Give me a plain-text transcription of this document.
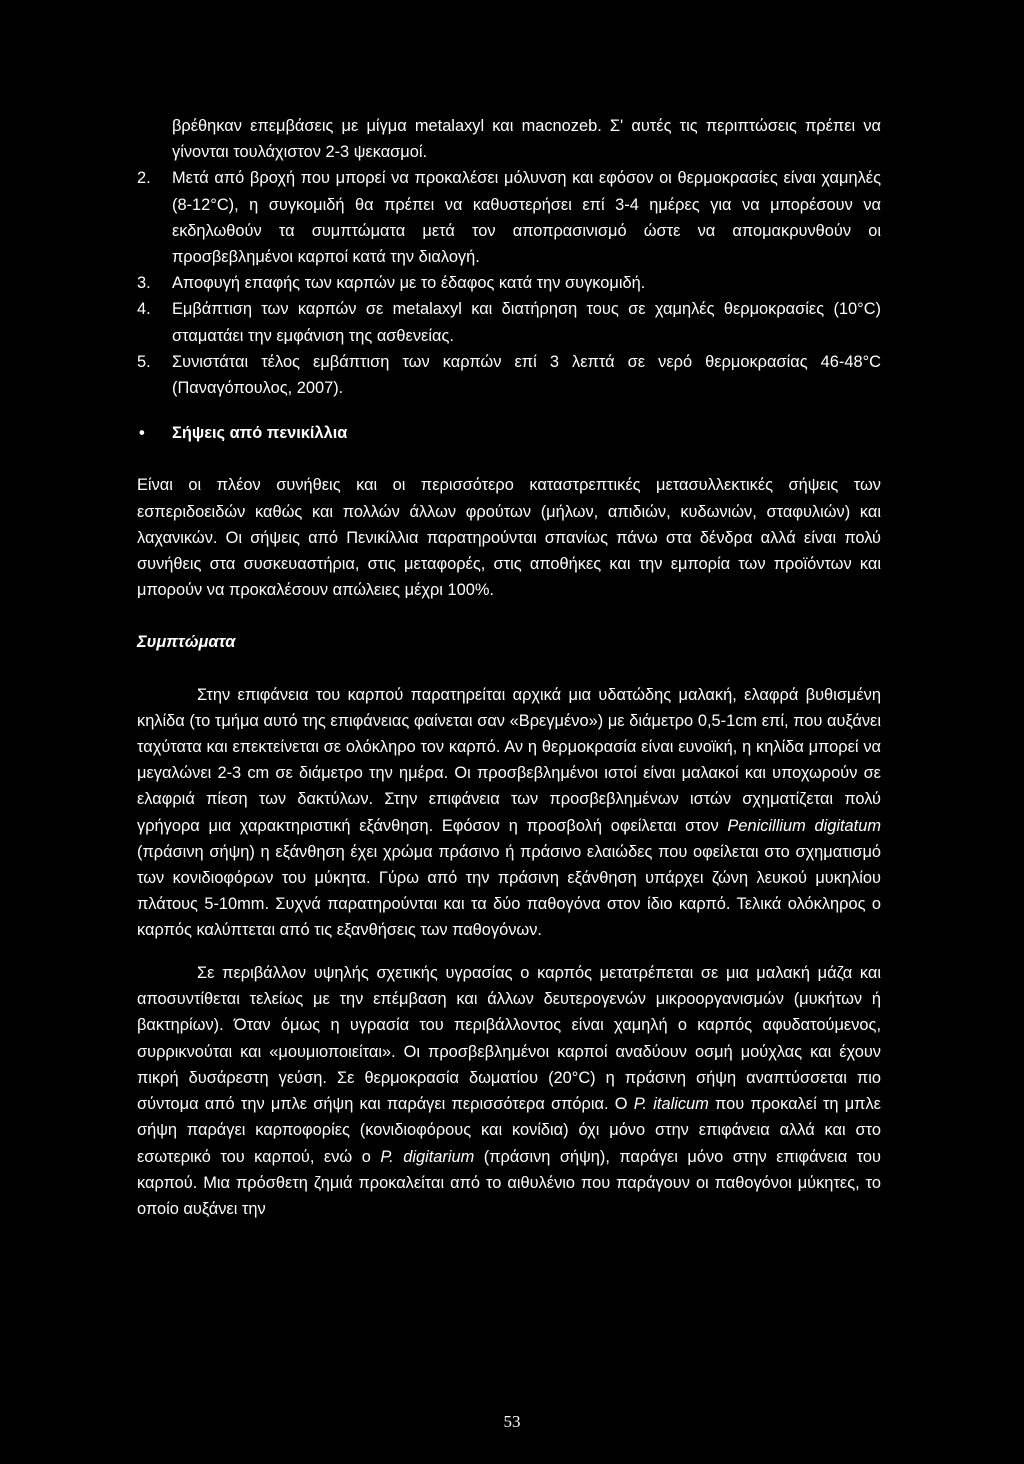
βρέθηκαν επεμβάσεις με μίγμα metalaxyl και macnozeb. Σ' αυτές τις περιπτώσεις πρέπει να γίνονται τουλάχιστον 2-3 ψεκασμοί.

2. Μετά από βροχή που μπορεί να προκαλέσει μόλυνση και εφόσον οι θερμοκρασίες είναι χαμηλές (8-12°C), η συγκομιδή θα πρέπει να καθυστερήσει επί 3-4 ημέρες για να μπορέσουν να εκδηλωθούν τα συμπτώματα μετά τον αποπρασινισμό ώστε να απομακρυνθούν οι προσβεβλημένοι καρποί κατά την διαλογή.
3. Αποφυγή επαφής των καρπών με το έδαφος κατά την συγκομιδή.
4. Εμβάπτιση των καρπών σε metalaxyl και διατήρηση τους σε χαμηλές θερμοκρασίες (10°C) σταματάει την εμφάνιση της ασθενείας.
5. Συνιστάται τέλος εμβάπτιση των καρπών επί 3 λεπτά σε νερό θερμοκρασίας 46-48°C (Παναγόπουλος, 2007).
• Σήψεις από πενικίλλια

Είναι οι πλέον συνήθεις και οι περισσότερο καταστρεπτικές μετασυλλεκτικές σήψεις των εσπεριδοειδών καθώς και πολλών άλλων φρούτων (μήλων, απιδιών, κυδωνιών, σταφυλιών) και λαχανικών. Οι σήψεις από Πενικίλλια παρατηρούνται σπανίως πάνω στα δένδρα αλλά είναι πολύ συνήθεις στα συσκευαστήρια, στις μεταφορές, στις αποθήκες και την εμπορία των προϊόντων και μπορούν να προκαλέσουν απώλειες μέχρι 100%.

Συμπτώματα

Στην επιφάνεια του καρπού παρατηρείται αρχικά μια υδατώδης μαλακή, ελαφρά βυθισμένη κηλίδα (το τμήμα αυτό της επιφάνειας φαίνεται σαν «Βρεγμένο») με διάμετρο 0,5-1cm επί, που αυξάνει ταχύτατα και επεκτείνεται σε ολόκληρο τον καρπό. Αν η θερμοκρασία είναι ευνοϊκή, η κηλίδα μπορεί να μεγαλώνει 2-3 cm σε διάμετρο την ημέρα. Οι προσβεβλημένοι ιστοί είναι μαλακοί και υποχωρούν σε ελαφριά πίεση των δακτύλων. Στην επιφάνεια των προσβεβλημένων ιστών σχηματίζεται πολύ γρήγορα μια χαρακτηριστική εξάνθηση. Εφόσον η προσβολή οφείλεται στον Penicillium digitatum (πράσινη σήψη) η εξάνθηση έχει χρώμα πράσινο ή πράσινο ελαιώδες που οφείλεται στο σχηματισμό των κονιδιοφόρων του μύκητα. Γύρω από την πράσινη εξάνθηση υπάρχει ζώνη λευκού μυκηλίου πλάτους 5-10mm. Συχνά παρατηρούνται και τα δύο παθογόνα στον ίδιο καρπό. Τελικά ολόκληρος ο καρπός καλύπτεται από τις εξανθήσεις των παθογόνων.

Σε περιβάλλον υψηλής σχετικής υγρασίας ο καρπός μετατρέπεται σε μια μαλακή μάζα και αποσυντίθεται τελείως με την επέμβαση και άλλων δευτερογενών μικροοργανισμών (μυκήτων ή βακτηρίων). Όταν όμως η υγρασία του περιβάλλοντος είναι χαμηλή ο καρπός αφυδατούμενος, συρρικνούται και «μουμιοποιείται». Οι προσβεβλημένοι καρποί αναδύουν οσμή μούχλας και έχουν πικρή δυσάρεστη γεύση. Σε θερμοκρασία δωματίου (20°C) η πράσινη σήψη αναπτύσσεται πιο σύντομα από την μπλε σήψη και παράγει περισσότερα σπόρια. Ο P. italicum που προκαλεί τη μπλε σήψη παράγει καρποφορίες (κονιδιοφόρους και κονίδια) όχι μόνο στην επιφάνεια αλλά και στο εσωτερικό του καρπού, ενώ ο P. digitarium (πράσινη σήψη), παράγει μόνο στην επιφάνεια του καρπού. Μια πρόσθετη ζημιά προκαλείται από το αιθυλένιο που παράγουν οι παθογόνοι μύκητες, το οποίο αυξάνει την

53
